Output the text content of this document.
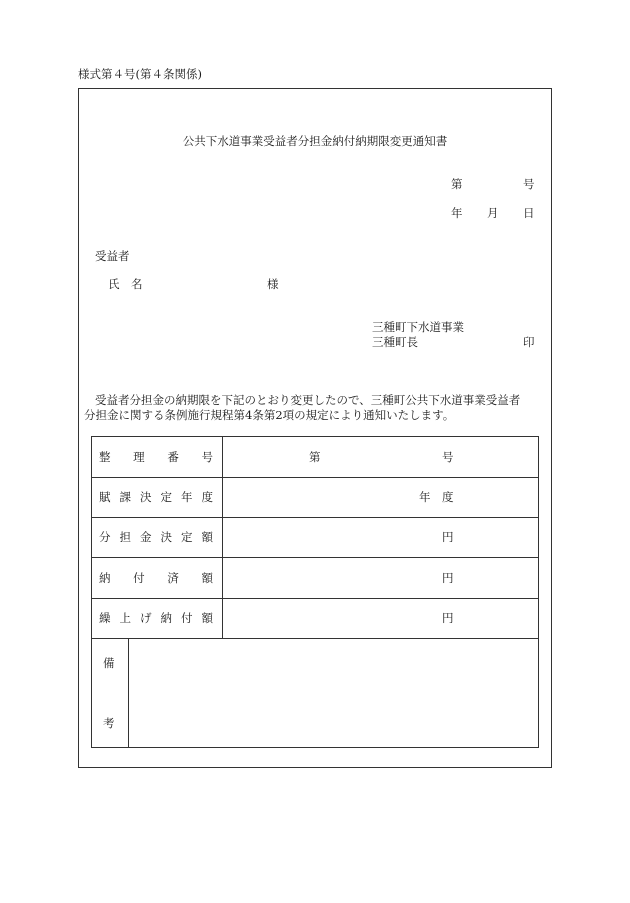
様式第４号(第４条関係)
公共下水道事業受益者分担金納付納期限変更通知書
第	号
年 月 日
受益者
氏　名	様
三種町下水道事業
三種町長	印
受益者分担金の納期限を下記のとおり変更したので、三種町公共下水道事業受益者
分担金に関する条例施行規程第4条第2項の規定により通知いたします。
整 理 番 号	第	号
賦 課 決 定 年 度	年　度
分 担 金 決 定 額	円
納 付 済 額	円
繰 上 げ 納 付 額	円
備
考
